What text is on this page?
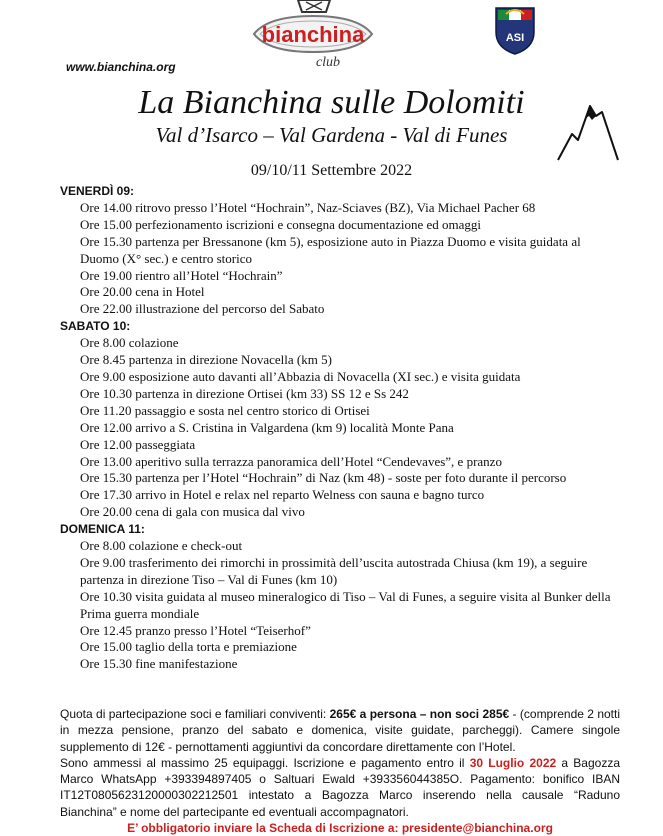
bianchina
club
www.bianchina.org
ASI
La Bianchina sulle Dolomiti
Val d’Isarco – Val Gardena - Val di Funes
09/10/11 Settembre 2022

VENERDÌ 09:

Ore 14.00 ritrovo presso l’Hotel “Hochrain”, Naz-Sciaves (BZ), Via Michael Pacher 68

Ore 15.00 perfezionamento iscrizioni e consegna documentazione ed omaggi

Ore 15.30 partenza per Bressanone (km 5), esposizione auto in Piazza Duomo e visita guidata al Duomo (X° sec.) e centro storico

Ore 19.00 rientro all’Hotel “Hochrain”

Ore 20.00 cena in Hotel

Ore 22.00 illustrazione del percorso del Sabato

SABATO 10:

Ore 8.00 colazione

Ore 8.45 partenza in direzione Novacella (km 5)

Ore 9.00 esposizione auto davanti all’Abbazia di Novacella (XI sec.) e visita guidata

Ore 10.30 partenza in direzione Ortisei (km 33) SS 12 e Ss 242

Ore 11.20 passaggio e sosta nel centro storico di Ortisei

Ore 12.00 arrivo a S. Cristina in Valgardena (km 9) località Monte Pana

Ore 12.00 passeggiata

Ore 13.00 aperitivo sulla terrazza panoramica dell’Hotel “Cendevaves”, e pranzo

Ore 15.30 partenza per l’Hotel “Hochrain” di Naz (km 48) - soste per foto durante il percorso

Ore 17.30 arrivo in Hotel e relax nel reparto Welness con sauna e bagno turco

Ore 20.00 cena di gala con musica dal vivo

DOMENICA 11:

Ore 8.00 colazione e check-out

Ore 9.00 trasferimento dei rimorchi in prossimità dell’uscita autostrada Chiusa (km 19), a seguire partenza in direzione Tiso – Val di Funes (km 10)

Ore 10.30 visita guidata al museo mineralogico di Tiso – Val di Funes, a seguire visita al Bunker della Prima guerra mondiale

Ore 12.45 pranzo presso l’Hotel “Teiserhof”

Ore 15.00 taglio della torta e premiazione

Ore 15.30 fine manifestazione

Quota di partecipazione soci e familiari conviventi: 265€ a persona – non soci 285€ - (comprende 2 notti in mezza pensione, pranzo del sabato e domenica, visite guidate, parcheggi). Camere singole supplemento di 12€ - pernottamenti aggiuntivi da concordare direttamente con l’Hotel.

Sono ammessi al massimo 25 equipaggi. Iscrizione e pagamento entro il 30 Luglio 2022 a Bagozza Marco WhatsApp +393394897405 o Saltuari Ewald +393356044385O. Pagamento: bonifico IBAN IT12T0805623120000302212501 intestato a Bagozza Marco inserendo nella causale “Raduno Bianchina” e nome del partecipante ed eventuali accompagnatori.

E’ obbligatorio inviare la Scheda di Iscrizione a: presidente@bianchina.org
